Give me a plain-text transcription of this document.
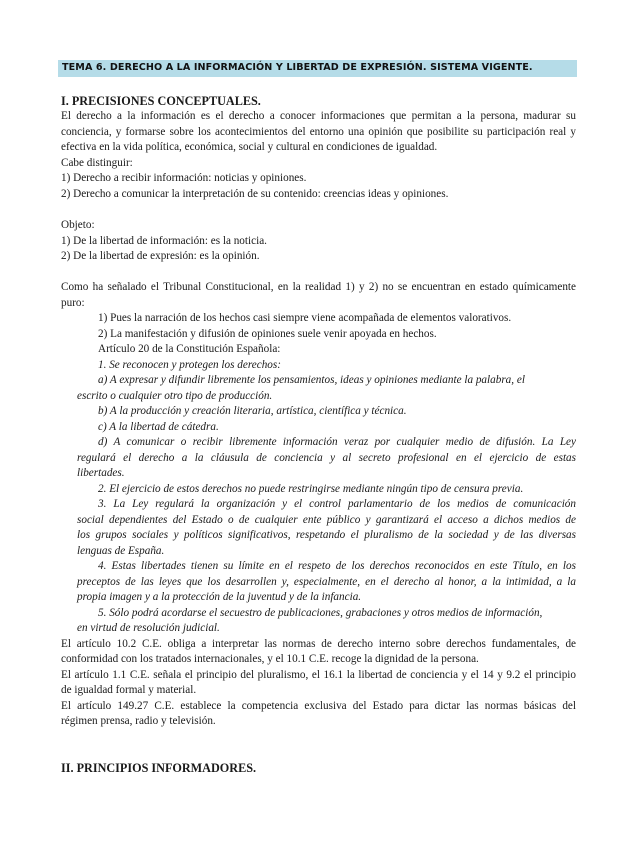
TEMA 6. DERECHO A LA INFORMACIÓN Y LIBERTAD DE EXPRESIÓN. SISTEMA VIGENTE.
I. PRECISIONES CONCEPTUALES.
El derecho a la información es el derecho a conocer informaciones que permitan a la persona, madurar su
conciencia, y formarse sobre los acontecimientos del entorno una opinión que posibilite su participación real y
efectiva en la vida política, económica, social y cultural en condiciones de igualdad.
Cabe distinguir:
1) Derecho a recibir información: noticias y opiniones.
2) Derecho a comunicar la interpretación de su contenido: creencias ideas y opiniones.
Objeto:
1) De la libertad de información: es la noticia.
2) De la libertad de expresión: es la opinión.
Como ha señalado el Tribunal Constitucional, en la realidad 1) y 2) no se encuentran en estado químicamente
puro:
1) Pues la narración de los hechos casi siempre viene acompañada de elementos valorativos.
2) La manifestación y difusión de opiniones suele venir apoyada en hechos.
Artículo 20 de la Constitución Española:
1. Se reconocen y protegen los derechos:
a) A expresar y difundir libremente los pensamientos, ideas y opiniones mediante la palabra, el
escrito o cualquier otro tipo de producción.
b) A la producción y creación literaria, artística, científica y técnica.
c) A la libertad de cátedra.
d) A comunicar o recibir libremente información veraz por cualquier medio de difusión. La Ley
regulará el derecho a la cláusula de conciencia y al secreto profesional en el ejercicio de estas
libertades.
2. El ejercicio de estos derechos no puede restringirse mediante ningún tipo de censura previa.
3. La Ley regulará la organización y el control parlamentario de los medios de comunicación
social dependientes del Estado o de cualquier ente público y garantizará el acceso a dichos medios de
los grupos sociales y políticos significativos, respetando el pluralismo de la sociedad y de las diversas
lenguas de España.
4. Estas libertades tienen su límite en el respeto de los derechos reconocidos en este Título, en los
preceptos de las leyes que los desarrollen y, especialmente, en el derecho al honor, a la intimidad, a la
propia imagen y a la protección de la juventud y de la infancia.
5. Sólo podrá acordarse el secuestro de publicaciones, grabaciones y otros medios de información,
en virtud de resolución judicial.
El artículo 10.2 C.E. obliga a interpretar las normas de derecho interno sobre derechos fundamentales, de
conformidad con los tratados internacionales, y el 10.1 C.E. recoge la dignidad de la persona.
El artículo 1.1 C.E. señala el principio del pluralismo, el 16.1 la libertad de conciencia y el 14 y 9.2 el principio
de igualdad formal y material.
El artículo 149.27 C.E. establece la competencia exclusiva del Estado para dictar las normas básicas del
régimen prensa, radio y televisión.
II. PRINCIPIOS INFORMADORES.
